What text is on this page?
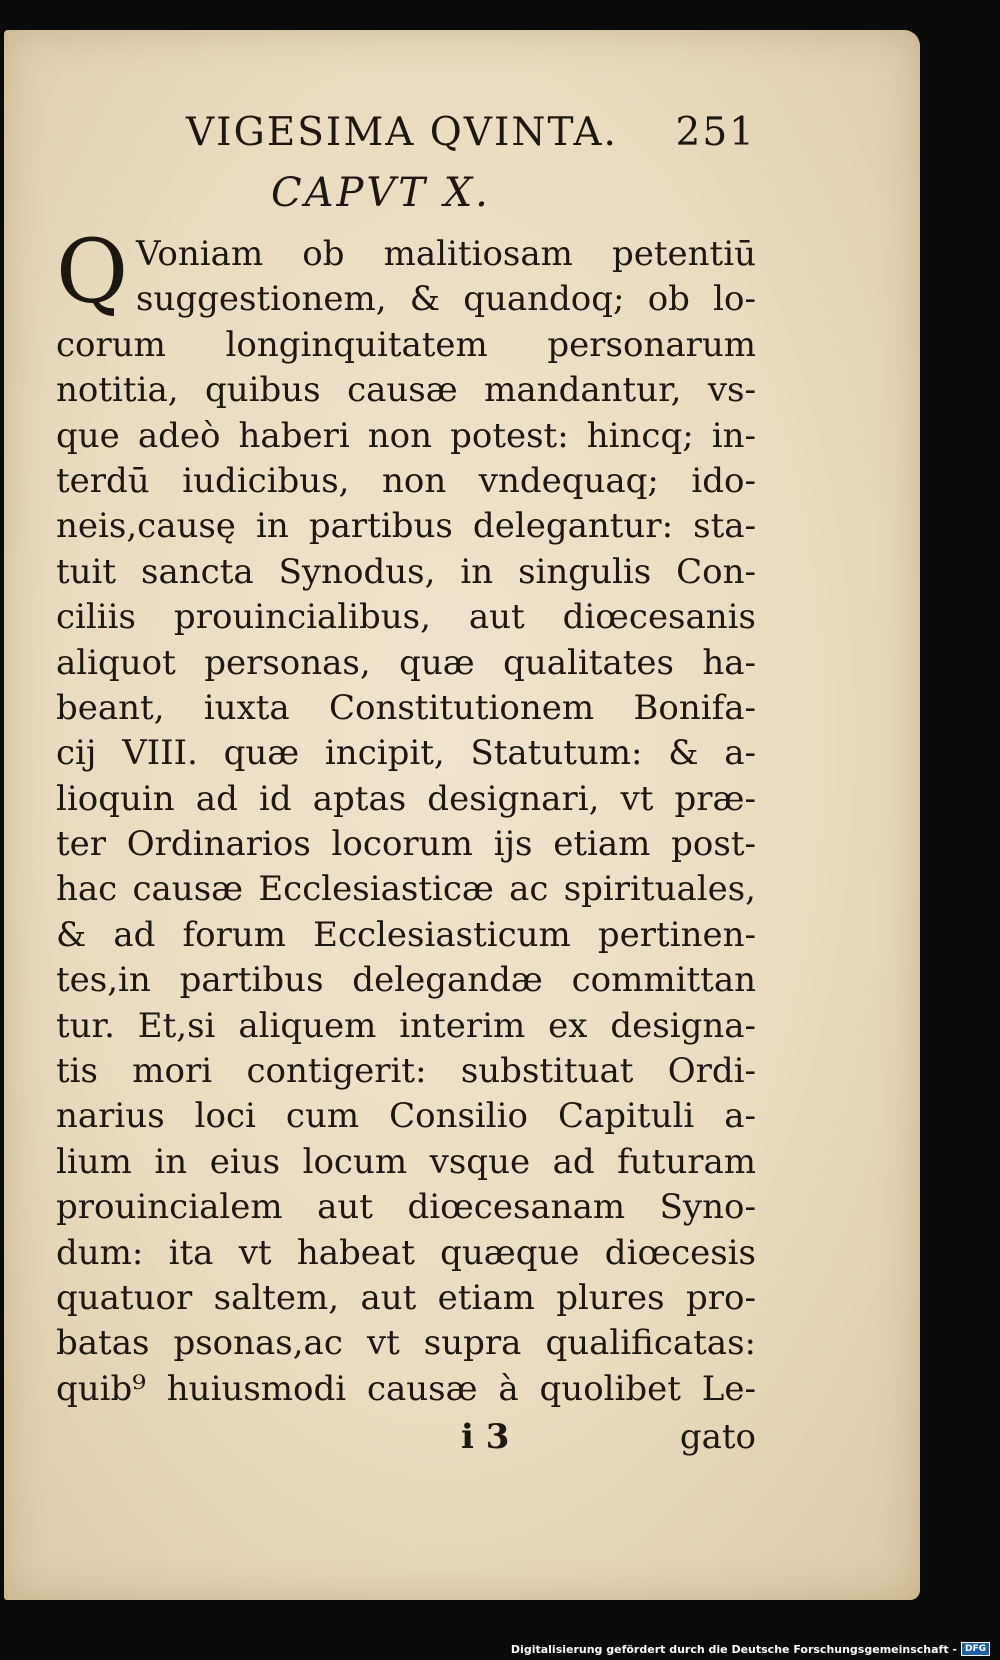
VIGESIMA QVINTA. 251
CAPVT X.
Q Voniam ob malitiosam petentiū
suggestionem, & quandoq; ob lo-
corum longinquitatem personarum
notitia, quibus causæ mandantur, vs-
que adeò haberi non potest: hincq; in-
terdū iudicibus, non vndequaq; ido-
neis,causę in partibus delegantur: sta-
tuit sancta Synodus, in singulis Con-
ciliis prouincialibus, aut diœcesanis
aliquot personas, quæ qualitates ha-
beant, iuxta Constitutionem Bonifa-
cij VIII. quæ incipit, Statutum: & a-
lioquin ad id aptas designari, vt præ-
ter Ordinarios locorum ijs etiam post-
hac causæ Ecclesiasticæ ac spirituales,
& ad forum Ecclesiasticum pertinen-
tes,in partibus delegandæ committan
tur. Et,si aliquem interim ex designa-
tis mori contigerit: substituat Ordi-
narius loci cum Consilio Capituli a-
lium in eius locum vsque ad futuram
prouincialem aut diœcesanam Syno-
dum: ita vt habeat quæque diœcesis
quatuor saltem, aut etiam plures pro-
batas psonas,ac vt supra qualificatas:
quib⁹ huiusmodi causæ à quolibet Le-
i 3	gato
Digitalisierung gefördert durch die Deutsche Forschungsgemeinschaft - DFG
